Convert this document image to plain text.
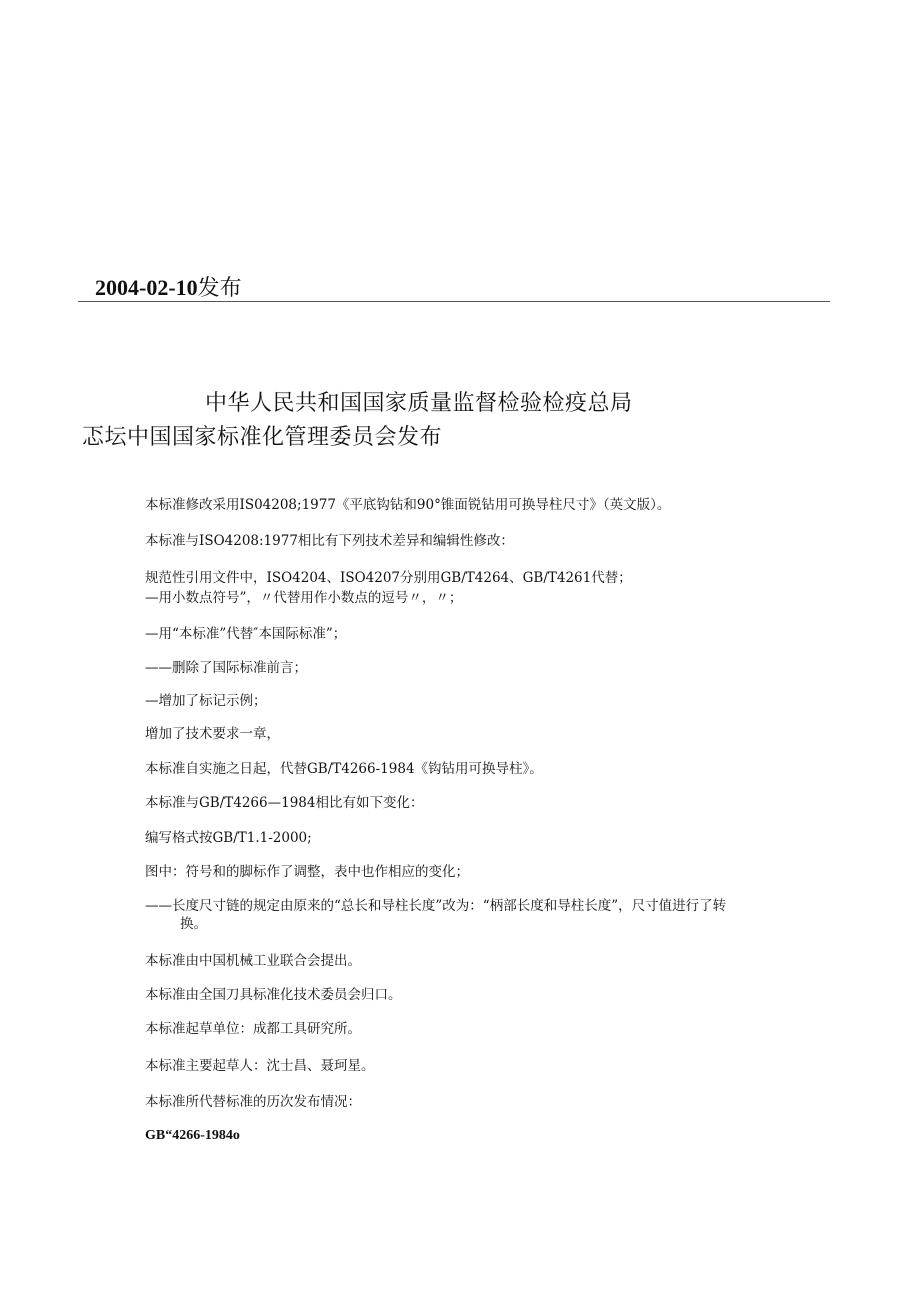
2004-02-10发布
中华人民共和国国家质量监督检验检疫总局
忑坛中国国家标准化管理委员会发布
本标准修改采用IS04208;1977《平底钩钻和90°锥面锐钻用可换导柱尺寸》（英文版）。
本标准与ISO4208:1977相比有下列技术差异和编辑性修改：
规范性引用文件中，ISO4204、ISO4207分别用GB/T4264、GB/T4261代替；
—用小数点符号”，〃代替用作小数点的逗号〃，〃；
—用“本标准”代替″本国际标准”；
——删除了国际标准前言；
—增加了标记示例；
增加了技术要求一章，
本标准自实施之日起，代替GB/T4266-1984《钩钻用可换导柱》。
本标准与GB/T4266—1984相比有如下变化：
编写格式按GB/T1.1-2000;
图中：符号和的脚标作了调整，表中也作相应的变化；
——长度尺寸链的规定由原来的“总长和导柱长度”改为：“柄部长度和导柱长度”，尺寸值进行了转
换。
本标准由中国机械工业联合会提出。
本标准由全国刀具标准化技术委员会归口。
本标准起草单位：成都工具研究所。
本标准主要起草人：沈士昌、聂珂星。
本标准所代替标准的历次发布情况：
GB“4266-1984o
